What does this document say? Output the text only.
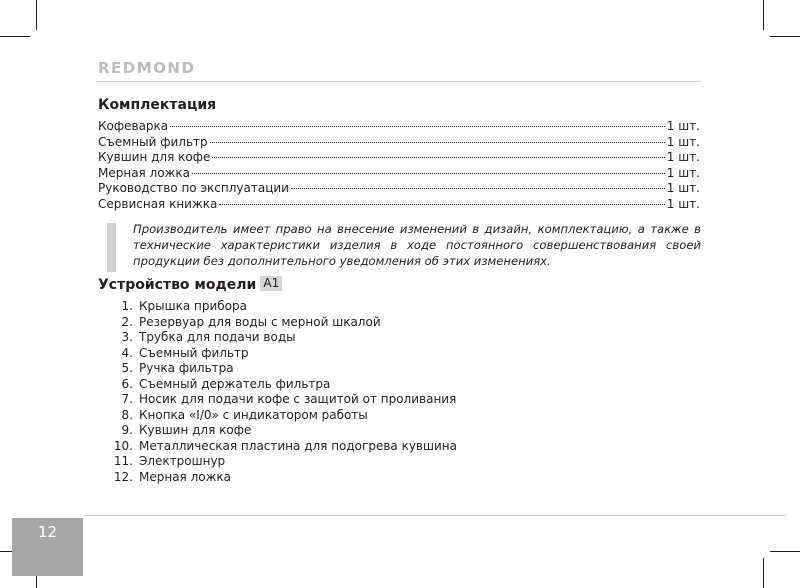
REDMOND
Комплектация
Кофеварка	1 шт.
Съемный фильтр	1 шт.
Кувшин для кофе	1 шт.
Мерная ложка	1 шт.
Руководство по эксплуатации	1 шт.
Сервисная книжка	1 шт.
Производитель имеет право на внесение изменений в дизайн, комплектацию, а также в технические характеристики изделия в ходе постоянного совершенствования своей продукции без дополнительного уведомления об этих изменениях.
Устройство модели A1
1. Крышка прибора
2. Резервуар для воды с мерной шкалой
3. Трубка для подачи воды
4. Съемный фильтр
5. Ручка фильтра
6. Съемный держатель фильтра
7. Носик для подачи кофе с защитой от проливания
8. Кнопка «I/0» с индикатором работы
9. Кувшин для кофе
10. Металлическая пластина для подогрева кувшина
11. Электрошнур
12. Мерная ложка
12
